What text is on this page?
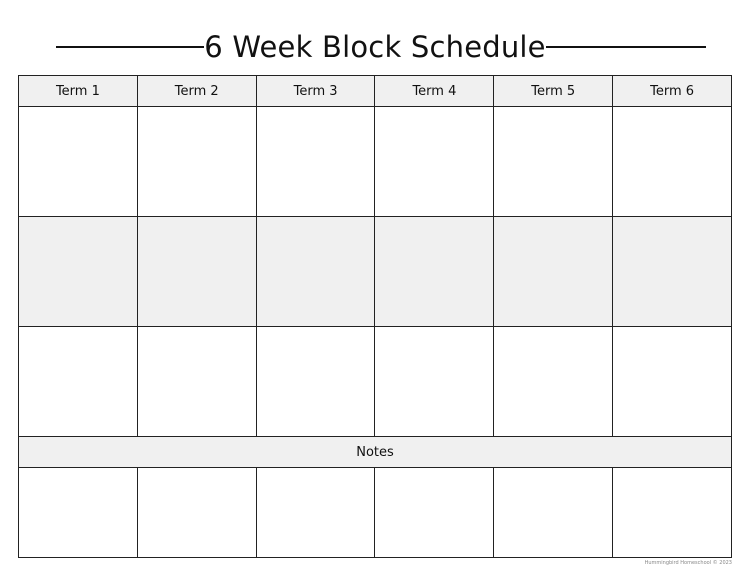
6 Week Block Schedule
Term 1	Term 2	Term 3	Term 4	Term 5	Term 6

Notes					

Hummingbird Homeschool © 2023
